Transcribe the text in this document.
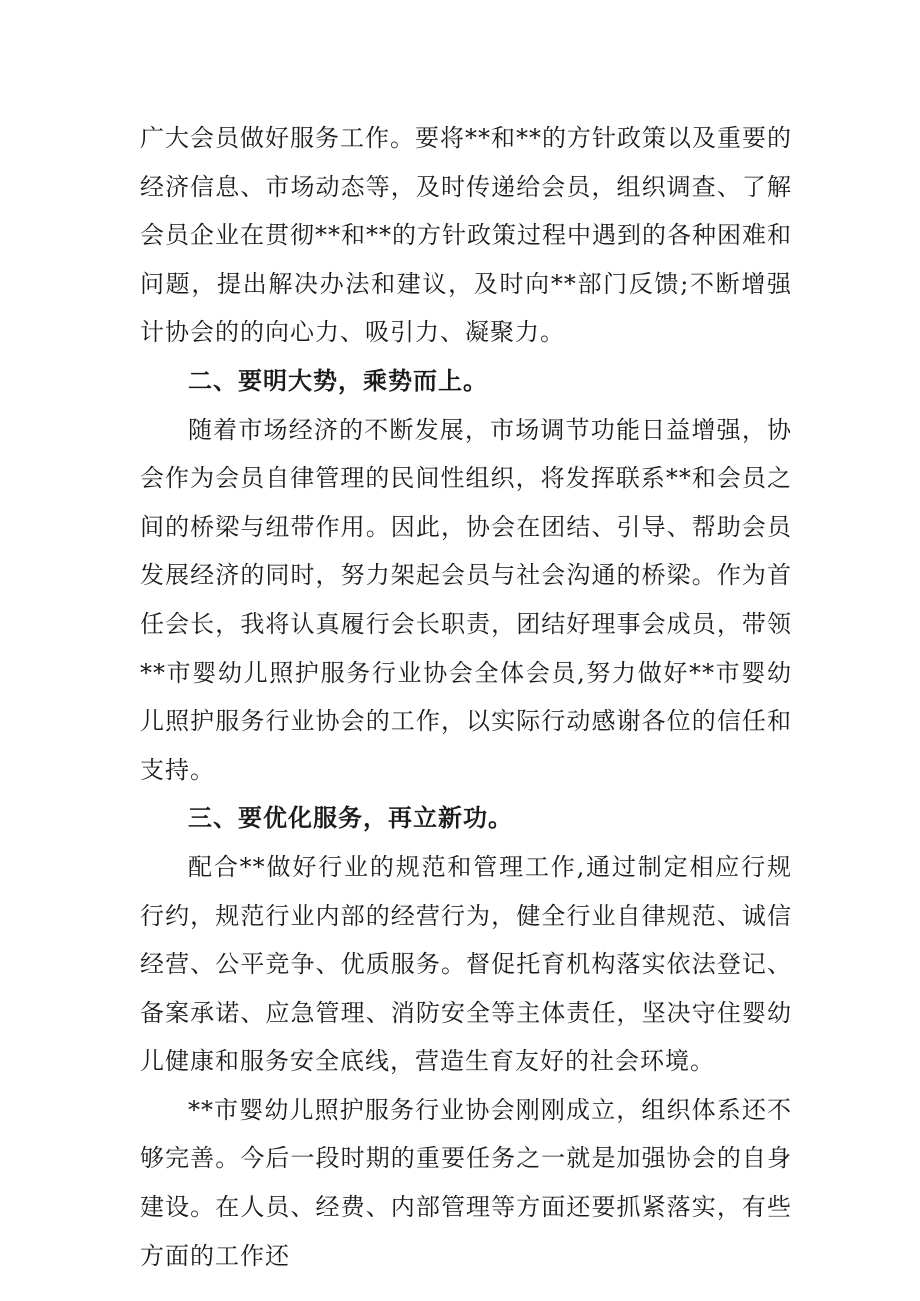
广大会员做好服务工作。要将**和**的方针政策以及重要的经济信息、市场动态等，及时传递给会员，组织调查、了解会员企业在贯彻**和**的方针政策过程中遇到的各种困难和问题，提出解决办法和建议，及时向**部门反馈;不断增强计协会的的向心力、吸引力、凝聚力。

二、要明大势，乘势而上。

随着市场经济的不断发展，市场调节功能日益增强，协会作为会员自律管理的民间性组织，将发挥联系**和会员之间的桥梁与纽带作用。因此，协会在团结、引导、帮助会员发展经济的同时，努力架起会员与社会沟通的桥梁。作为首任会长，我将认真履行会长职责，团结好理事会成员，带领**市婴幼儿照护服务行业协会全体会员,努力做好**市婴幼儿照护服务行业协会的工作，以实际行动感谢各位的信任和支持。

三、要优化服务，再立新功。

配合**做好行业的规范和管理工作,通过制定相应行规行约，规范行业内部的经营行为，健全行业自律规范、诚信经营、公平竞争、优质服务。督促托育机构落实依法登记、备案承诺、应急管理、消防安全等主体责任，坚决守住婴幼儿健康和服务安全底线，营造生育友好的社会环境。

**市婴幼儿照护服务行业协会刚刚成立，组织体系还不够完善。今后一段时期的重要任务之一就是加强协会的自身建设。在人员、经费、内部管理等方面还要抓紧落实，有些方面的工作还
